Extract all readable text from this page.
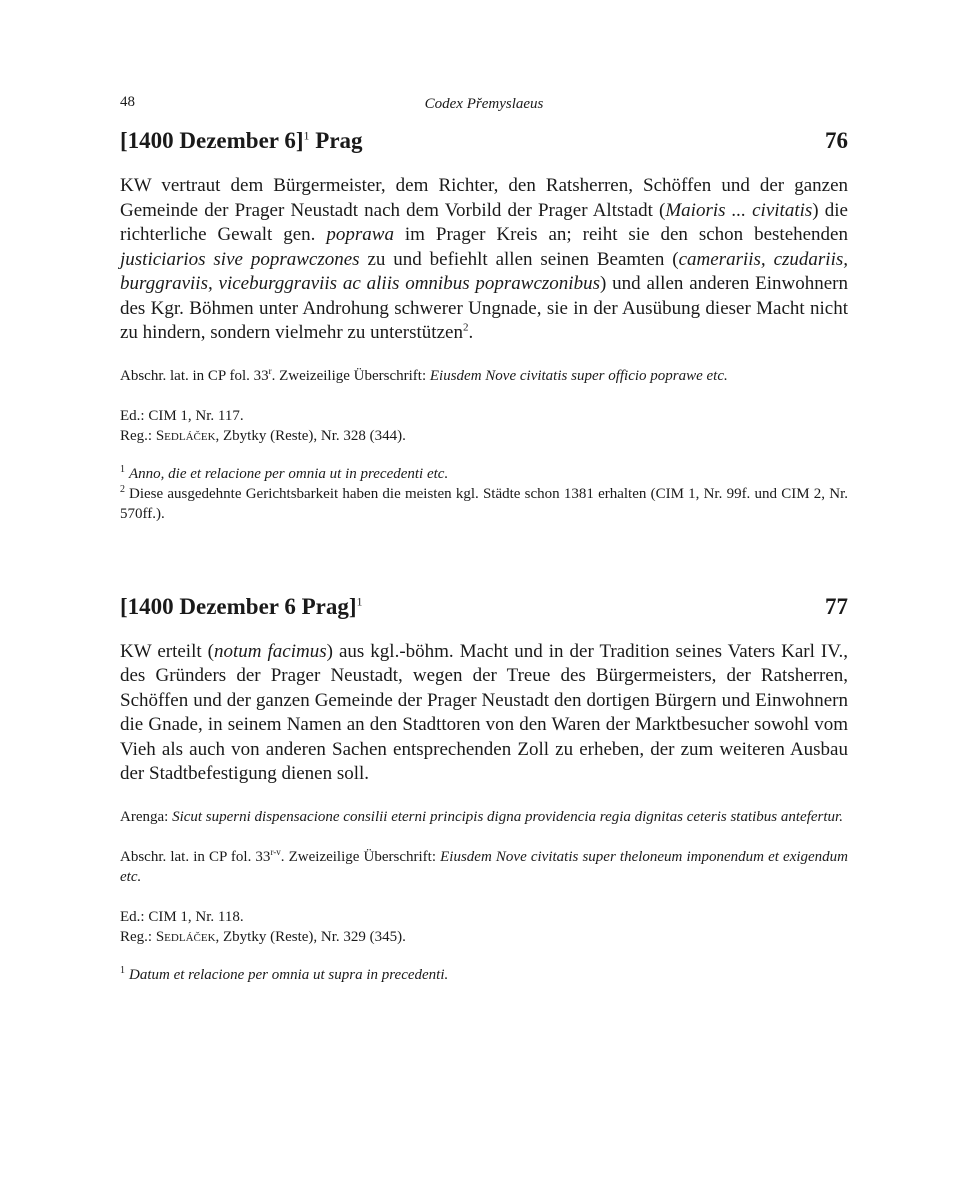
48	Codex Přemyslaeus
[1400 Dezember 6]$^1$ Prag	76

KW vertraut dem Bürgermeister, dem Richter, den Ratsherren, Schöffen und der ganzen Gemeinde der Prager Neustadt nach dem Vorbild der Prager Altstadt (Maioris ... civitatis) die richterliche Gewalt gen. poprawa im Prager Kreis an; reiht sie den schon bestehenden justiciarios sive poprawczones zu und befiehlt allen seinen Beamten (camerariis, czudariis, burggraviis, viceburggraviis ac aliis omnibus poprawczonibus) und allen anderen Einwohnern des Kgr. Böhmen unter Androhung schwerer Ungnade, sie in der Ausübung dieser Macht nicht zu hindern, sondern vielmehr zu unterstützen$^2$.

Abschr. lat. in CP fol. 33$^r$. Zweizeilige Überschrift: Eiusdem Nove civitatis super officio poprawe etc.

Ed.: CIM 1, Nr. 117.

Reg.: Sedláček, Zbytky (Reste), Nr. 328 (344).

$^1$ Anno, die et relacione per omnia ut in precedenti etc.

$^2$ Diese ausgedehnte Gerichtsbarkeit haben die meisten kgl. Städte schon 1381 erhalten (CIM 1, Nr. 99f. und CIM 2, Nr. 570ff.).

[1400 Dezember 6 Prag]$^1$	77

KW erteilt (notum facimus) aus kgl.-böhm. Macht und in der Tradition seines Vaters Karl IV., des Gründers der Prager Neustadt, wegen der Treue des Bürgermeisters, der Ratsherren, Schöffen und der ganzen Gemeinde der Prager Neustadt den dortigen Bürgern und Einwohnern die Gnade, in seinem Namen an den Stadttoren von den Waren der Marktbesucher sowohl vom Vieh als auch von anderen Sachen entsprechenden Zoll zu erheben, der zum weiteren Ausbau der Stadtbefestigung dienen soll.

Arenga: Sicut superni dispensacione consilii eterni principis digna providencia regia dignitas ceteris statibus antefertur.

Abschr. lat. in CP fol. 33$^{r-v}$. Zweizeilige Überschrift: Eiusdem Nove civitatis super theloneum imponendum et exigendum etc.

Ed.: CIM 1, Nr. 118.

Reg.: Sedláček, Zbytky (Reste), Nr. 329 (345).

$^1$ Datum et relacione per omnia ut supra in precedenti.
